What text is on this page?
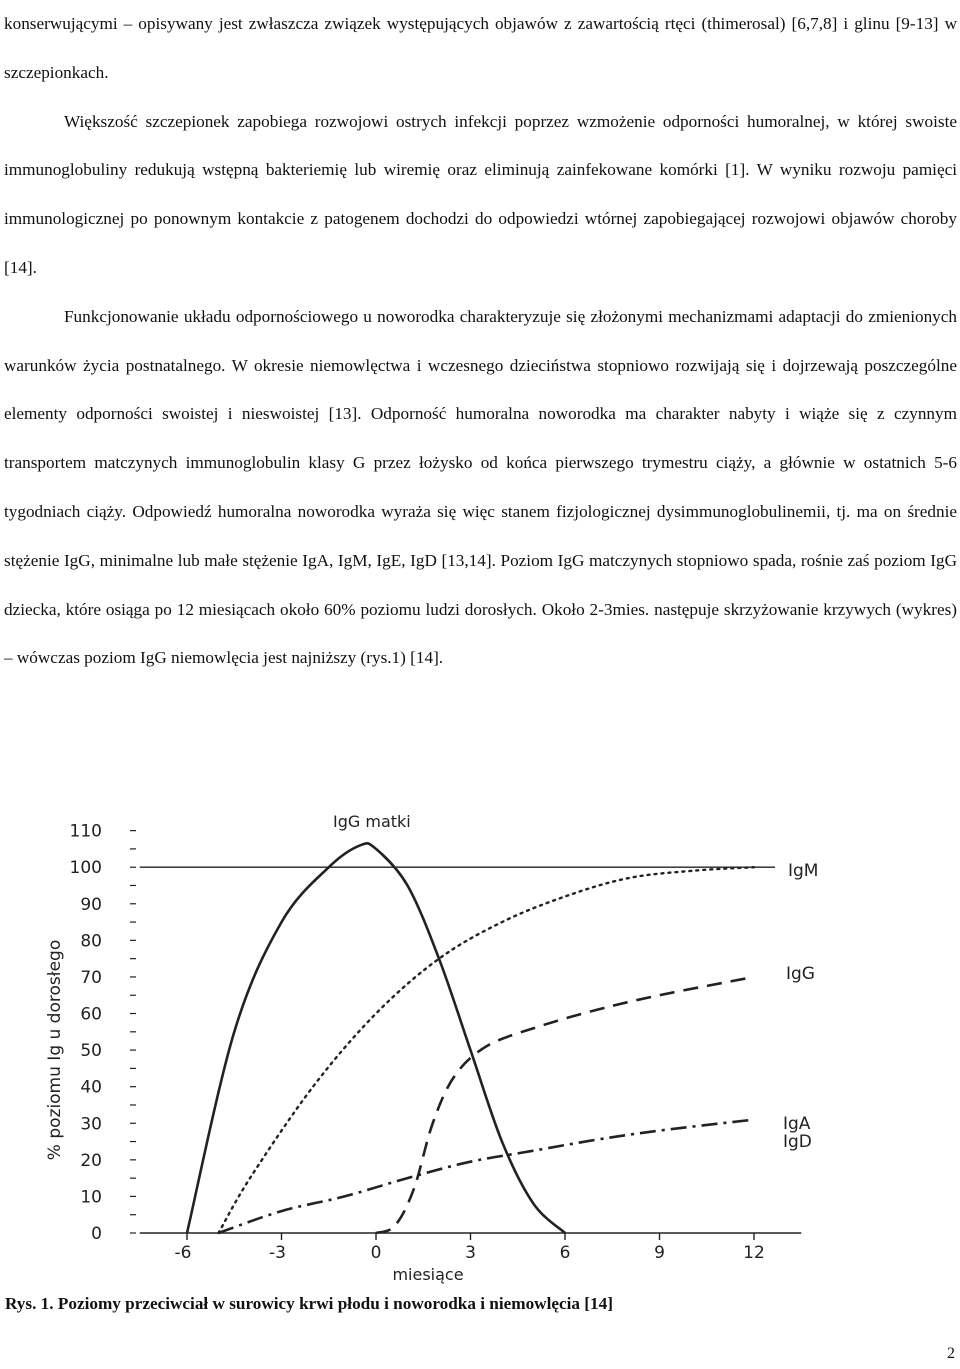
konserwującymi – opisywany jest zwłaszcza związek występujących objawów z zawartością rtęci (thimerosal) [6,7,8] i glinu [9-13] w szczepionkach.

Większość szczepionek zapobiega rozwojowi ostrych infekcji poprzez wzmożenie odporności humoralnej, w której swoiste immunoglobuliny redukują wstępną bakteriemię lub wiremię oraz eliminują zainfekowane komórki [1]. W wyniku rozwoju pamięci immunologicznej po ponownym kontakcie z patogenem dochodzi do odpowiedzi wtórnej zapobiegającej rozwojowi objawów choroby [14].

Funkcjonowanie układu odpornościowego u noworodka charakteryzuje się złożonymi mechanizmami adaptacji do zmienionych warunków życia postnatalnego. W okresie niemowlęctwa i wczesnego dzieciństwa stopniowo rozwijają się i dojrzewają poszczególne elementy odporności swoistej i nieswoistej [13]. Odporność humoralna noworodka ma charakter nabyty i wiąże się z czynnym transportem matczynych immunoglobulin klasy G przez łożysko od końca pierwszego trymestru ciąży, a głównie w ostatnich 5-6 tygodniach ciąży. Odpowiedź humoralna noworodka wyraża się więc stanem fizjologicznej dysimmunoglobulinemii, tj. ma on średnie stężenie IgG, minimalne lub małe stężenie IgA, IgM, IgE, IgD [13,14]. Poziom IgG matczynych stopniowo spada, rośnie zaś poziom IgG dziecka, które osiąga po 12 miesiącach około 60% poziomu ludzi dorosłych. Około 2-3mies. następuje skrzyżowanie krzywych (wykres) – wówczas poziom IgG niemowlęcia jest najniższy (rys.1) [14].

-6	-3	0	3	6	9	12
0
10
20
30
40
50
60
70
80
90
100
110
IgG matki
IgM
IgG
IgA
IgD
miesiące
% poziomu Ig u dorosłego
Rys. 1. Poziomy przeciwciał w surowicy krwi płodu i noworodka i niemowlęcia [14]
2
